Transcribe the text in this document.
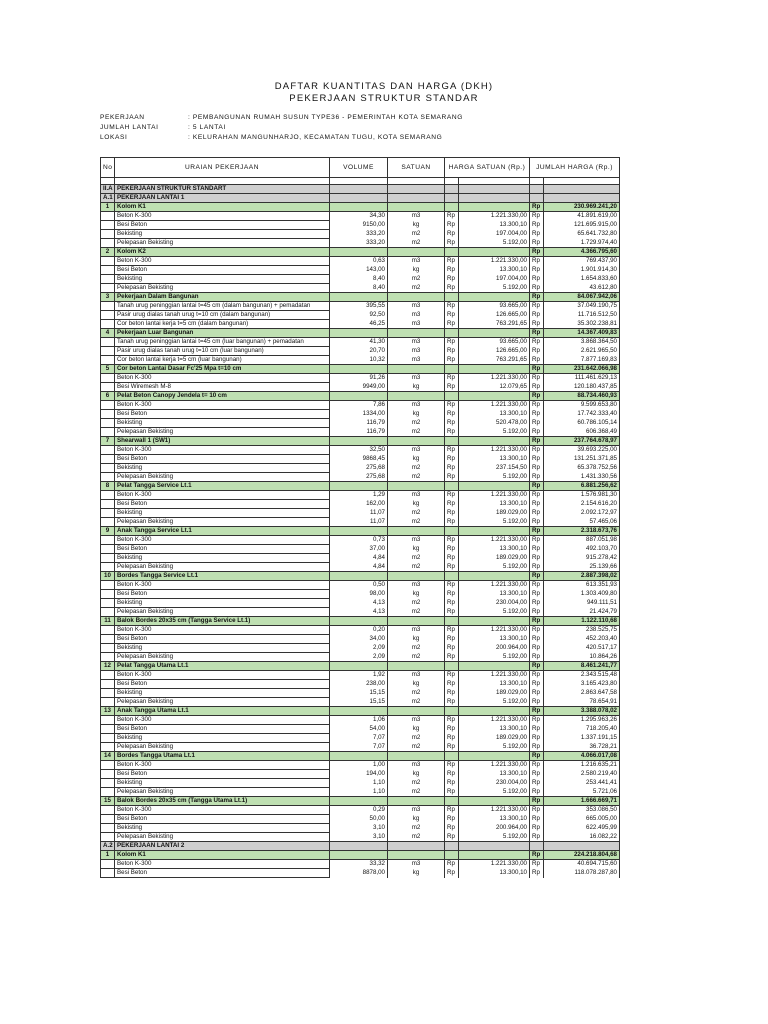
DAFTAR KUANTITAS DAN HARGA (DKH)
PEKERJAAN STRUKTUR STANDAR
PEKERJAAN	: PEMBANGUNAN RUMAH SUSUN TYPE36 - PEMERINTAH KOTA SEMARANG
JUMLAH LANTAI	: 5 LANTAI
LOKASI	: KELURAHAN MANGUNHARJO, KECAMATAN TUGU, KOTA SEMARANG
No	URAIAN PEKERJAAN	VOLUME	SATUAN	HARGA SATUAN (Rp.)		JUMLAH HARGA (Rp.)	

II.A	PEKERJAAN STRUKTUR STANDART						
A.1	PEKERJAAN LANTAI 1						
1	Kolom K1					Rp	230.969.241,20
	Beton K-300	34,30	m3	Rp	1.221.330,00	Rp	41.891.619,00
	Besi Beton	9150,00	kg	Rp	13.300,10	Rp	121.695.915,00
	Bekisting	333,20	m2	Rp	197.004,00	Rp	65.641.732,80
	Pelepasan Bekisting	333,20	m2	Rp	5.192,00	Rp	1.729.974,40
2	Kolom K2					Rp	4.366.795,60
	Beton K-300	0,63	m3	Rp	1.221.330,00	Rp	769.437,90
	Besi Beton	143,00	kg	Rp	13.300,10	Rp	1.901.914,30
	Bekisting	8,40	m2	Rp	197.004,00	Rp	1.654.833,60
	Pelepasan Bekisting	8,40	m2	Rp	5.192,00	Rp	43.612,80
3	Pekerjaan Dalam Bangunan					Rp	84.067.942,06
	Tanah urug peninggian lantai t=45 cm (dalam bangunan) + pemadatan	395,55	m3	Rp	93.665,00	Rp	37.049.190,75
	Pasir urug dialas tanah urug t=10 cm (dalam bangunan)	92,50	m3	Rp	126.665,00	Rp	11.716.512,50
	Cor beton lantai kerja t=5 cm (dalam bangunan)	46,25	m3	Rp	763.291,65	Rp	35.302.238,81
4	Pekerjaan Luar Bangunan					Rp	14.367.409,83
	Tanah urug peninggian lantai t=45 cm (luar bangunan) + pemadatan	41,30	m3	Rp	93.665,00	Rp	3.868.364,50
	Pasir urug dialas tanah urug t=10 cm (luar bangunan)	20,70	m3	Rp	126.665,00	Rp	2.621.965,50
	Cor beton lantai kerja t=5 cm (luar bangunan)	10,32	m3	Rp	763.291,65	Rp	7.877.169,83
5	Cor beton Lantai Dasar Fc'25 Mpa t=10 cm					Rp	231.642.066,98
	Beton K-300	91,26	m3	Rp	1.221.330,00	Rp	111.461.629,13
	Besi Wiremesh M-8	9949,00	kg	Rp	12.079,65	Rp	120.180.437,85
6	Pelat Beton Canopy Jendela t= 10 cm					Rp	88.734.460,93
	Beton K-300	7,86	m3	Rp	1.221.330,00	Rp	9.599.653,80
	Besi Beton	1334,00	kg	Rp	13.300,10	Rp	17.742.333,40
	Bekisting	116,79	m2	Rp	520.478,00	Rp	60.786.105,14
	Pelepasan Bekisting	116,79	m2	Rp	5.192,00	Rp	606.368,49
7	Shearwall 1 (SW1)					Rp	237.764.678,97
	Beton K-300	32,50	m3	Rp	1.221.330,00	Rp	39.693.225,00
	Besi Beton	9868,45	kg	Rp	13.300,10	Rp	131.251.371,85
	Bekisting	275,68	m2	Rp	237.154,50	Rp	65.378.752,56
	Pelepasan Bekisting	275,68	m2	Rp	5.192,00	Rp	1.431.330,56
8	Pelat Tangga Service Lt.1					Rp	6.881.256,62
	Beton K-300	1,29	m3	Rp	1.221.330,00	Rp	1.576.981,30
	Besi Beton	162,00	kg	Rp	13.300,10	Rp	2.154.616,20
	Bekisting	11,07	m2	Rp	189.029,00	Rp	2.092.172,97
	Pelepasan Bekisting	11,07	m2	Rp	5.192,00	Rp	57.465,06
9	Anak Tangga Service Lt.1					Rp	2.318.673,76
	Beton K-300	0,73	m3	Rp	1.221.330,00	Rp	887.051,98
	Besi Beton	37,00	kg	Rp	13.300,10	Rp	492.103,70
	Bekisting	4,84	m2	Rp	189.029,00	Rp	915.278,42
	Pelepasan Bekisting	4,84	m2	Rp	5.192,00	Rp	25.139,66
10	Bordes Tangga Service Lt.1					Rp	2.887.398,02
	Beton K-300	0,50	m3	Rp	1.221.330,00	Rp	613.351,93
	Besi Beton	98,00	kg	Rp	13.300,10	Rp	1.303.409,80
	Bekisting	4,13	m2	Rp	230.004,00	Rp	949.111,51
	Pelepasan Bekisting	4,13	m2	Rp	5.192,00	Rp	21.424,79
11	Balok Bordes 20x35 cm (Tangga Service Lt.1)					Rp	1.122.110,68
	Beton K-300	0,20	m3	Rp	1.221.330,00	Rp	238.525,75
	Besi Beton	34,00	kg	Rp	13.300,10	Rp	452.203,40
	Bekisting	2,09	m2	Rp	200.964,00	Rp	420.517,17
	Pelepasan Bekisting	2,09	m2	Rp	5.192,00	Rp	10.864,26
12	Pelat Tangga Utama Lt.1					Rp	8.461.241,77
	Beton K-300	1,92	m3	Rp	1.221.330,00	Rp	2.343.515,48
	Besi Beton	238,00	kg	Rp	13.300,10	Rp	3.165.423,80
	Bekisting	15,15	m2	Rp	189.029,00	Rp	2.863.647,58
	Pelepasan Bekisting	15,15	m2	Rp	5.192,00	Rp	78.654,91
13	Anak Tangga Utama Lt.1					Rp	3.388.078,02
	Beton K-300	1,06	m3	Rp	1.221.330,00	Rp	1.295.963,26
	Besi Beton	54,00	kg	Rp	13.300,10	Rp	718.205,40
	Bekisting	7,07	m2	Rp	189.029,00	Rp	1.337.191,15
	Pelepasan Bekisting	7,07	m2	Rp	5.192,00	Rp	36.728,21
14	Bordes Tangga Utama Lt.1					Rp	4.066.017,08
	Beton K-300	1,00	m3	Rp	1.221.330,00	Rp	1.216.635,21
	Besi Beton	194,00	kg	Rp	13.300,10	Rp	2.580.219,40
	Bekisting	1,10	m2	Rp	230.004,00	Rp	253.441,41
	Pelepasan Bekisting	1,10	m2	Rp	5.192,00	Rp	5.721,06
15	Balok Bordes 20x35 cm (Tangga Utama Lt.1)					Rp	1.666.669,71
	Beton K-300	0,29	m3	Rp	1.221.330,00	Rp	353.086,50
	Besi Beton	50,00	kg	Rp	13.300,10	Rp	665.005,00
	Bekisting	3,10	m2	Rp	200.964,00	Rp	622.495,99
	Pelepasan Bekisting	3,10	m2	Rp	5.192,00	Rp	16.082,22
A.2	PEKERJAAN LANTAI 2						
1	Kolom K1					Rp	224.218.804,68
	Beton K-300	33,32	m3	Rp	1.221.330,00	Rp	40.694.715,60
	Besi Beton	8878,00	kg	Rp	13.300,10	Rp	118.078.287,80
